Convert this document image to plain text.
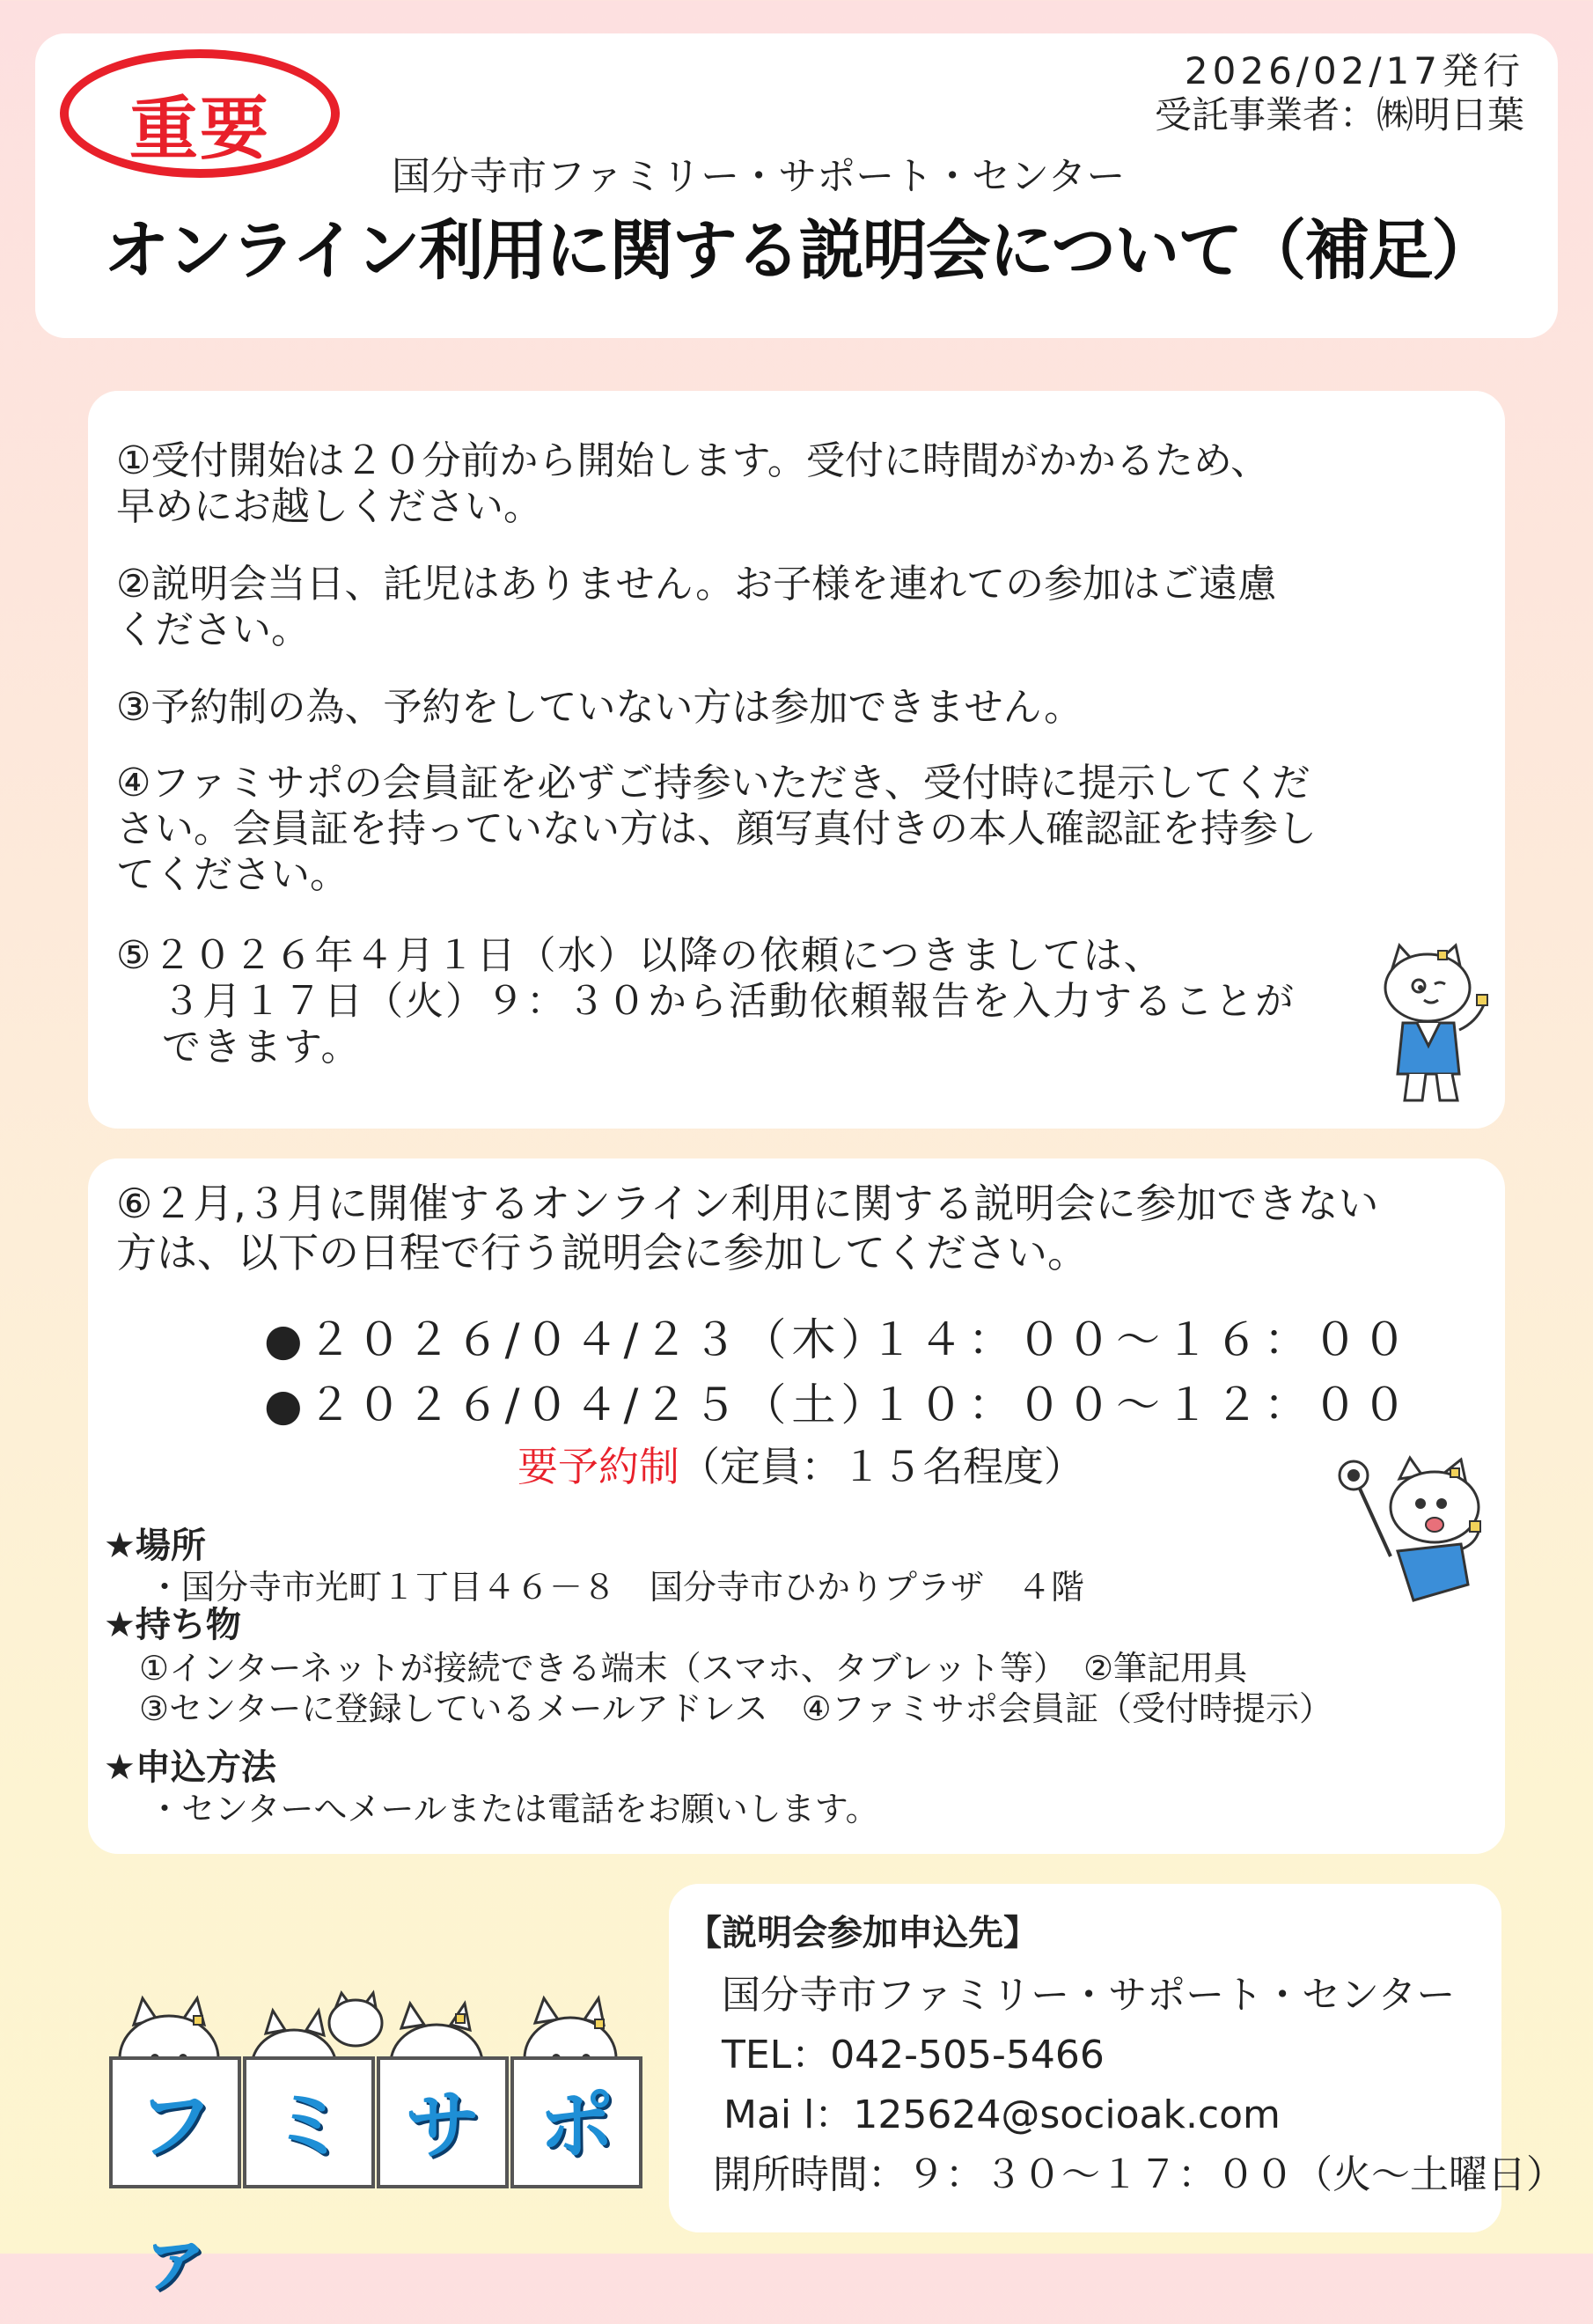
重要
2026/02/17発行
受託事業者：㈱明日葉
国分寺市ファミリー・サポート・センター
オンライン利用に関する説明会について（補足）
①受付開始は２０分前から開始します。受付に時間がかかるため、
早めにお越しください。
②説明会当日、託児はありません。お子様を連れての参加はご遠慮
ください。
③予約制の為、予約をしていない方は参加できません。
④ファミサポの会員証を必ずご持参いただき、受付時に提示してくだ
さい。会員証を持っていない方は、顔写真付きの本人確認証を持参し
てください。
⑤２０２６年４月１日（水）以降の依頼につきましては、
３月１７日（火）９：３０から活動依頼報告を入力することが
できます。
⑥２月,３月に開催するオンライン利用に関する説明会に参加できない
方は、以下の日程で行う説明会に参加してください。
●２０２６/０４/２３（木）
１４：００～１６：００
●２０２６/０４/２５（土）
１０：００～１２：００
要予約制（定員：１５名程度）
★場所
・国分寺市光町１丁目４６－８　国分寺市ひかりプラザ　４階
★持ち物
①インターネットが接続できる端末（スマホ、タブレット等）　②筆記用具
③センターに登録しているメールアドレス　④ファミサポ会員証（受付時提示）
★申込方法
・センターへメールまたは電話をお願いします。
ファ
ミ サ ポ
【説明会参加申込先】
国分寺市ファミリー・サポート・センター
TEL：042-505-5466
Mai l：125624@socioak.com
開所時間：９：３０～１７：００（火～土曜日）
